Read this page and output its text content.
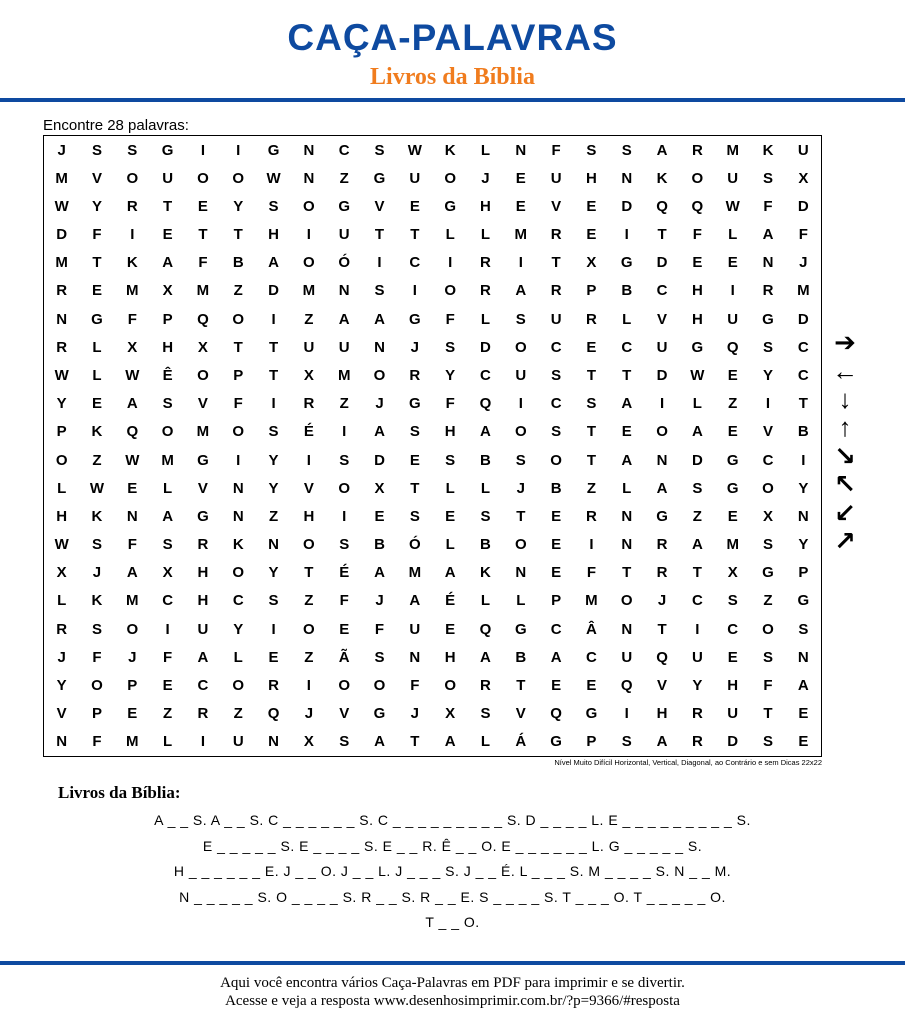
CAÇA-PALAVRAS
Livros da Bíblia
Encontre 28 palavras:
J	S	S	G	I	I	G	N	C	S	W	K	L	N	F	S	S	A	R	M	K	U
M	V	O	U	O	O	W	N	Z	G	U	O	J	E	U	H	N	K	O	U	S	X
W	Y	R	T	E	Y	S	O	G	V	E	G	H	E	V	E	D	Q	Q	W	F	D
D	F	I	E	T	T	H	I	U	T	T	L	L	M	R	E	I	T	F	L	A	F
M	T	K	A	F	B	A	O	Ó	I	C	I	R	I	T	X	G	D	E	E	N	J
R	E	M	X	M	Z	D	M	N	S	I	O	R	A	R	P	B	C	H	I	R	M
N	G	F	P	Q	O	I	Z	A	A	G	F	L	S	U	R	L	V	H	U	G	D
R	L	X	H	X	T	T	U	U	N	J	S	D	O	C	E	C	U	G	Q	S	C
W	L	W	Ê	O	P	T	X	M	O	R	Y	C	U	S	T	T	D	W	E	Y	C
Y	E	A	S	V	F	I	R	Z	J	G	F	Q	I	C	S	A	I	L	Z	I	T
P	K	Q	O	M	O	S	É	I	A	S	H	A	O	S	T	E	O	A	E	V	B
O	Z	W	M	G	I	Y	I	S	D	E	S	B	S	O	T	A	N	D	G	C	I
L	W	E	L	V	N	Y	V	O	X	T	L	L	J	B	Z	L	A	S	G	O	Y
H	K	N	A	G	N	Z	H	I	E	S	E	S	T	E	R	N	G	Z	E	X	N
W	S	F	S	R	K	N	O	S	B	Ó	L	B	O	E	I	N	R	A	M	S	Y
X	J	A	X	H	O	Y	T	É	A	M	A	K	N	E	F	T	R	T	X	G	P
L	K	M	C	H	C	S	Z	F	J	A	É	L	L	P	M	O	J	C	S	Z	G
R	S	O	I	U	Y	I	O	E	F	U	E	Q	G	C	Â	N	T	I	C	O	S
J	F	J	F	A	L	E	Z	Ã	S	N	H	A	B	A	C	U	Q	U	E	S	N
Y	O	P	E	C	O	R	I	O	O	F	O	R	T	E	E	Q	V	Y	H	F	A
V	P	E	Z	R	Z	Q	J	V	G	J	X	S	V	Q	G	I	H	R	U	T	E
N	F	M	L	I	U	N	X	S	A	T	A	L	Á	G	P	S	A	R	D	S	E
Nível Muito Difícil Horizontal, Vertical, Diagonal, ao Contrário e sem Dicas 22x22
➔
←
↓
↑
↘
↖
↙
↗
Livros da Bíblia:
A _ _ S. A _ _ S. C _ _ _ _ _ _ S. C _ _ _ _ _ _ _ _ _ S. D _ _ _ _ L. E _ _ _ _ _ _ _ _ _ S.
E _ _ _ _ _ S. E _ _ _ _ S. E _ _ R. Ê _ _ O. E _ _ _ _ _ _ L. G _ _ _ _ _ S.
H _ _ _ _ _ _ E. J _ _ O. J _ _ L. J _ _ _ S. J _ _ É. L _ _ _ S. M _ _ _ _ S. N _ _ M.
N _ _ _ _ _ S. O _ _ _ _ S. R _ _ S. R _ _ E. S _ _ _ _ S. T _ _ _ O. T _ _ _ _ _ O.
T _ _ O.
Aqui você encontra vários Caça-Palavras em PDF para imprimir e se divertir.
Acesse e veja a resposta www.desenhosimprimir.com.br/?p=9366/#resposta
